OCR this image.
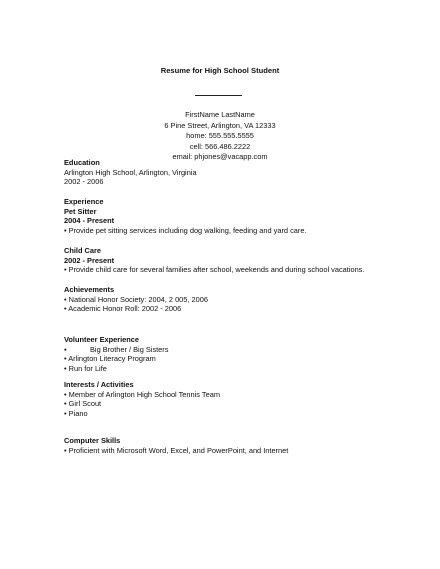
Resume for High School Student
FirstName LastName
6 Pine Street, Arlington, VA 12333
home: 555.555.5555
cell: 566.486.2222
email: phjones@vacapp.com
Education
Arlington High School, Arlington, Virginia
2002 - 2006
Experience
Pet Sitter
2004 - Present
• Provide pet sitting services including dog walking, feeding and yard care.
Child Care
2002 - Present
• Provide child care for several families after school, weekends and during school vacations.
Achievements
• National Honor Society: 2004, 2 005, 2006
• Academic Honor Roll: 2002 - 2006
Volunteer Experience
▪	Big Brother / Big Sisters
• Arlington Literacy Program
• Run for Life
Interests / Activities
• Member of Arlington High School Tennis Team
• Girl Scout
• Piano
Computer Skills
• Proficient with Microsoft Word, Excel, and PowerPoint, and Internet
